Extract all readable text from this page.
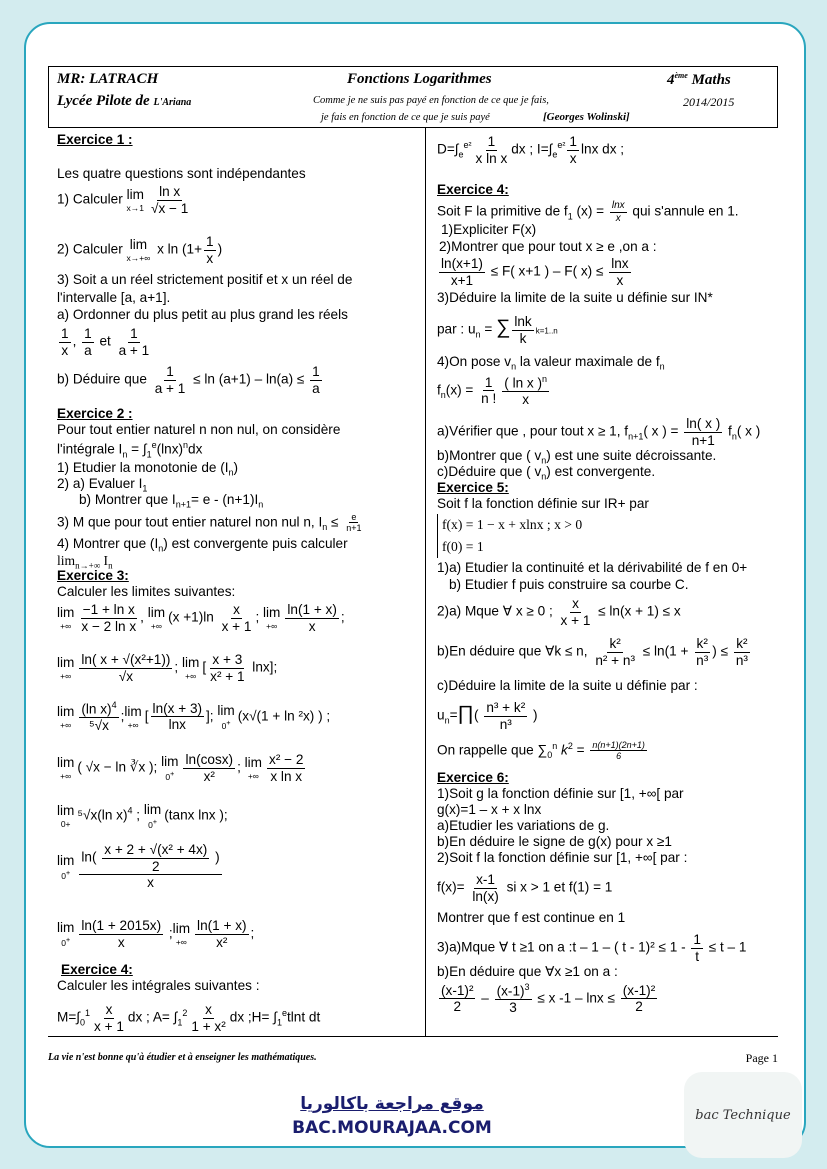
MR: LATRACH
Lycée Pilote de L'Ariana
Fonctions Logarithmes
Comme je ne suis pas payé en fonction de ce que je fais,
je fais en fonction de ce que je suis payé	[Georges Wolinski]
4ème Maths
2014/2015
Exercice 1 :
Les quatre questions sont indépendantes
1) Calculer lim
$x\to 1 \frac{\text{ln x}}{√x - 1}$
2) Calculer lim
x→+∞
x $\ln (1+ \frac{1}{x}$ )
3) Soit a un réel strictement positif et x un réel de
l'intervalle [a, a+1].
a) Ordonner du plus petit au plus grand les réels
$\frac{1}{x}$ , $\frac{1}{a}$ et $\frac{1}{a + 1}$
b) Déduire que $\frac{1}{a + 1} \le \ln (a+1) - \ln(a) \le \frac{1}{a}$
Exercice 2 :
Pour tout entier naturel n non nul, on considère
l'intégrale $I_n = \int_1^e(\ln x)^ndx$
1) Etudier la monotonie de $(I_n)$
2) a) Evaluer $I_1$
b) Montrer que $I_{n+1}= e - (n+1)I_n$
3) M que pour tout entier naturel non nul n, $I_n \le \frac{e}{n+1}$
4) Montrer que $(I_n)$ est convergente puis calculer
$\lim_{n\to+\infty} I_n$
Exercice 3:
Calculer les limites suivantes:
lim
+∞ $\frac{\text{−1 + ln x}}{\text{x − 2 ln x}}$ , lim
+∞
$(x +1)\ln \frac{x}{x + 1}$ ; lim
+∞ $\frac{\ln(1 + x)}{x}$ ;
lim
+∞ $\frac{\text{ln( x + √(x²+1))}}{√x}$ ; lim
+∞
[ $\frac{x + 3}{\text{x² + 1}} \ln x$];
lim
+∞ $\frac{(\ln x)^4}{\text{⁵√x}}$ ; lim
+∞
[ $\frac{\ln(x + 3)}{\ln x}$ ]; lim
0+ (x√(1 + ln ²x) ) ;
lim
+∞
( √x − ln ∛x ); lim
$0^+ \frac{\ln(\cos x)}{\text{x²}}$ ; lim
+∞ $\frac{\text{x² − 2}}{\text{x ln x}}$
lim
0+
⁵√x(ln x)$^4$ ; lim
0+ (tanx lnx );
lim
$0^+ \frac{\ln( \frac{\text{x + 2 + √(x² + 4x)}}{2} )}{x}$
lim
$0^+ \frac{\ln(1 + 2015x)}{x}$ ; lim
+∞ $\frac{\ln(1 + x)}{\text{x²}}$ ;
Exercice 4:
Calculer les intégrales suivantes :
$M=\int_0^1 \frac{x}{x + 1}$ dx ; $A= \int_1^2 \frac{x}{\text{1 + x²}}$ dx ;H= $\int_1^etlnt$ dt
$D=\int_e^{e^2} \frac{1}{\text{x ln x}}$ dx ; $I=\int_e^{e^2} \frac{1}{x}$ lnx dx ;
Exercice 4:
Soit F la primitive de $f_1$ $(x) = \frac{\ln x}{x}$ qui s'annule en 1.
1)Expliciter F(x)
2)Montrer que pour tout x ≥ e ,on a :
$\frac{\ln(x+1)}{x+1} \le F$( x+1 ) – F( $x) \le \frac{\ln x}{x}$
3)Déduire la limite de la suite u définie sur IN*
par : $u_n$ = ∑ $\frac{\ln k}{k} k=1..n$
4)On pose $v_n$ la valeur maximale de $f_n$
$f_n(x) = \frac{1}{n !} \frac{( \ln x )^n}{x}$
a)Vérifier que , pour tout x ≥ 1, $f_{n+1}$( x ) = $\frac{\ln( x )}{n+1} f_n$( x )
b)Montrer que ( $v_n$) est une suite décroissante.
c)Déduire que ( $v_n$) est convergente.
Exercice 5:
Soit f la fonction définie sur IR+ par
f(x) = 1 − x + xlnx ; x > 0
f(0) = 1
1)a) Etudier la continuité et la dérivabilité de f en 0+
b) Etudier f puis construire sa courbe C.
2)a) Mque ∀ x ≥ 0 ; $\frac{x}{x + 1} \le \ln(x + 1) \le x$
b)En déduire que ∀k ≤ n, $\frac{\text{k²}}{\text{n² + n³}} \le \ln(1 + \frac{\text{k²}}{\text{n³}}$ ) ≤ $\frac{\text{k²}}{\text{n³}}$
c)Déduire la limite de la suite u définie par :
$u_n=\prod( \frac{\text{n³ + k²}}{\text{n³}}$ )
On rappelle que $\sum_0^n$ $k^2 = \frac{n(n+1)(2n+1)}{6}$
Exercice 6:
1)Soit g la fonction définie sur [1, +∞[ par
g(x)=1 – x + x lnx
a)Etudier les variations de g.
b)En déduire le signe de g(x) pour x ≥1
2)Soit f la fonction définie sur [1, +∞[ par :
$f(x)= \frac{x-1}{\ln(x)}$ si x > 1 et f(1) = 1
Montrer que f est continue en 1
3)a)Mque ∀ t ≥1 on a :t – 1 – ( $t - 1)^2 \le 1 - \frac{1}{t} \le t - 1$
b)En déduire que ∀x ≥1 on a :
$\frac{\text{(x-1)²}}{2} - \frac{(x-1)^3}{3} \le x$ $-1 - \ln x \le \frac{\text{(x-1)²}}{2}$
La vie n'est bonne qu'à étudier et à enseigner les mathématiques.	Page 1
موقع مراجعة باكالوريا
BAC.MOURAJAA.COM
bac Technique
